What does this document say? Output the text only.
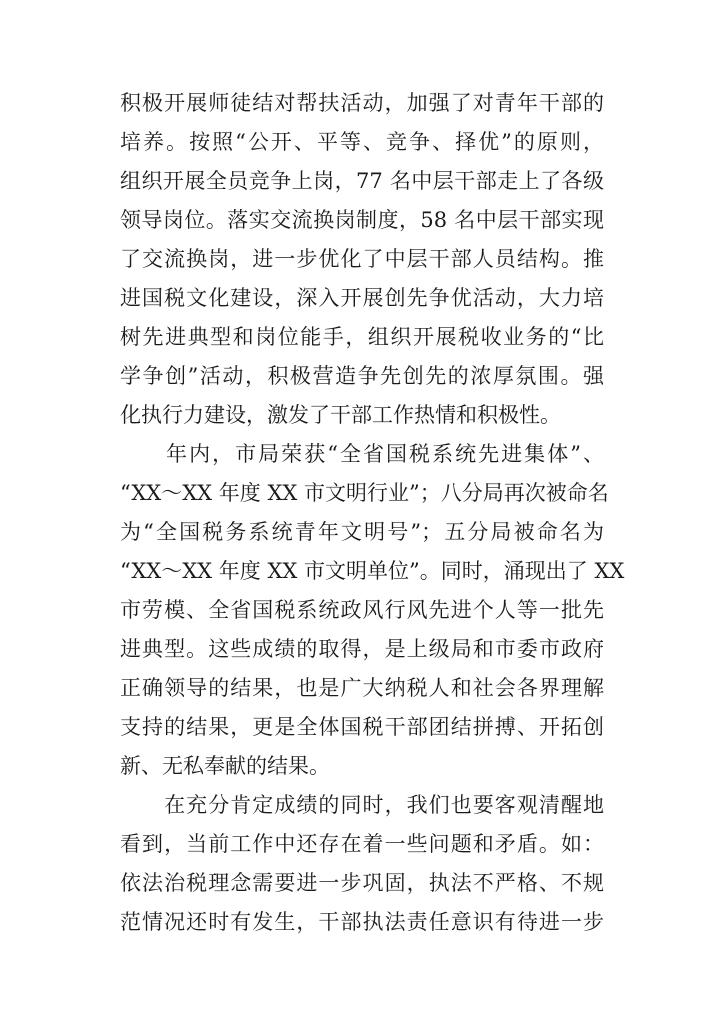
积极开展师徒结对帮扶活动，加强了对青年干部的
培养。按照“公开、平等、竞争、择优”的原则，
组织开展全员竞争上岗，77 名中层干部走上了各级
领导岗位。落实交流换岗制度，58 名中层干部实现
了交流换岗，进一步优化了中层干部人员结构。推
进国税文化建设，深入开展创先争优活动，大力培
树先进典型和岗位能手，组织开展税收业务的“比
学争创”活动，积极营造争先创先的浓厚氛围。强
化执行力建设，激发了干部工作热情和积极性。
　　年内，市局荣获“全省国税系统先进集体”、
“XX～XX 年度 XX 市文明行业”；八分局再次被命名
为“全国税务系统青年文明号”；五分局被命名为
“XX～XX 年度 XX 市文明单位”。同时，涌现出了 XX
市劳模、全省国税系统政风行风先进个人等一批先
进典型。这些成绩的取得，是上级局和市委市政府
正确领导的结果，也是广大纳税人和社会各界理解
支持的结果，更是全体国税干部团结拼搏、开拓创
新、无私奉献的结果。
　　在充分肯定成绩的同时，我们也要客观清醒地
看到，当前工作中还存在着一些问题和矛盾。如：
依法治税理念需要进一步巩固，执法不严格、不规
范情况还时有发生，干部执法责任意识有待进一步
